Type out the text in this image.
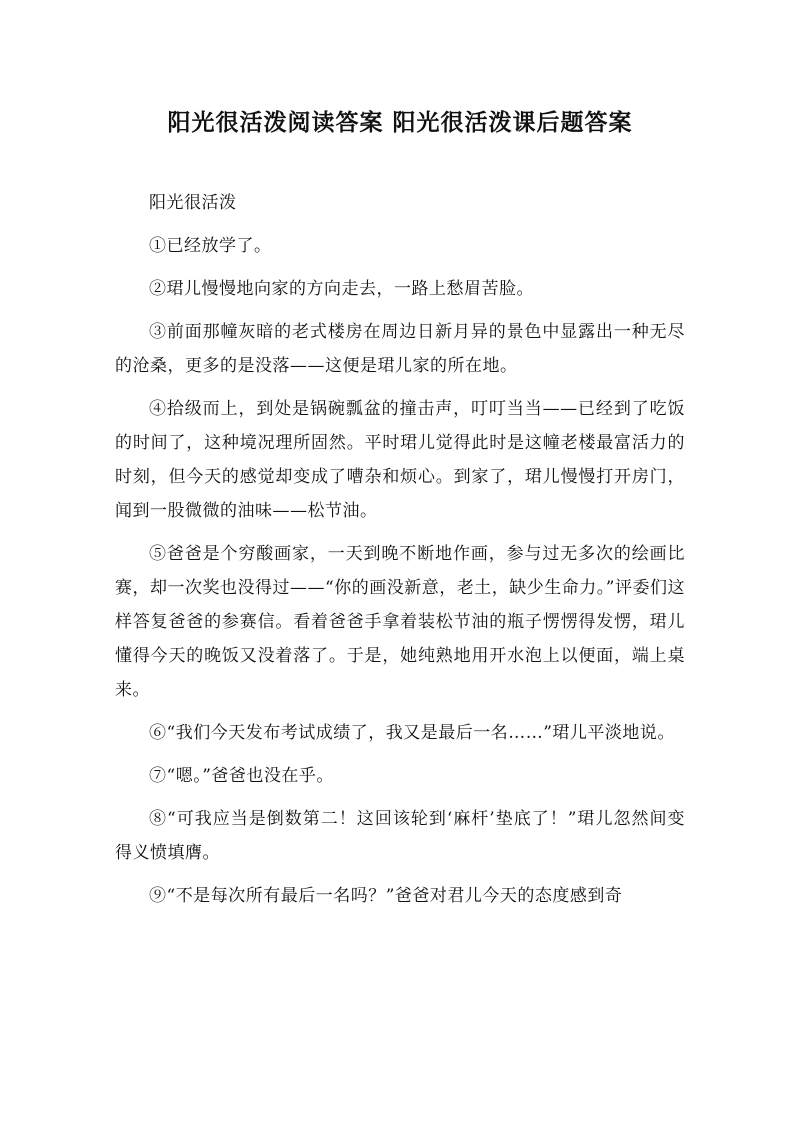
阳光很活泼阅读答案 阳光很活泼课后题答案

阳光很活泼

①已经放学了。

②珺儿慢慢地向家的方向走去，一路上愁眉苦脸。

③前面那幢灰暗的老式楼房在周边日新月异的景色中显露出一种无尽的沧桑，更多的是没落——这便是珺儿家的所在地。

④拾级而上，到处是锅碗瓢盆的撞击声，叮叮当当——已经到了吃饭的时间了，这种境况理所固然。平时珺儿觉得此时是这幢老楼最富活力的时刻，但今天的感觉却变成了嘈杂和烦心。到家了，珺儿慢慢打开房门，闻到一股微微的油味——松节油。

⑤爸爸是个穷酸画家，一天到晚不断地作画，参与过无多次的绘画比赛，却一次奖也没得过——“你的画没新意，老土，缺少生命力。”评委们这样答复爸爸的参赛信。看着爸爸手拿着装松节油的瓶子愣愣得发愣，珺儿懂得今天的晚饭又没着落了。于是，她纯熟地用开水泡上以便面，端上桌来。

⑥“我们今天发布考试成绩了，我又是最后一名……”珺儿平淡地说。

⑦“嗯。”爸爸也没在乎。

⑧“可我应当是倒数第二！这回该轮到‘麻杆’垫底了！”珺儿忽然间变得义愤填膺。

⑨“不是每次所有最后一名吗？”爸爸对君儿今天的态度感到奇
